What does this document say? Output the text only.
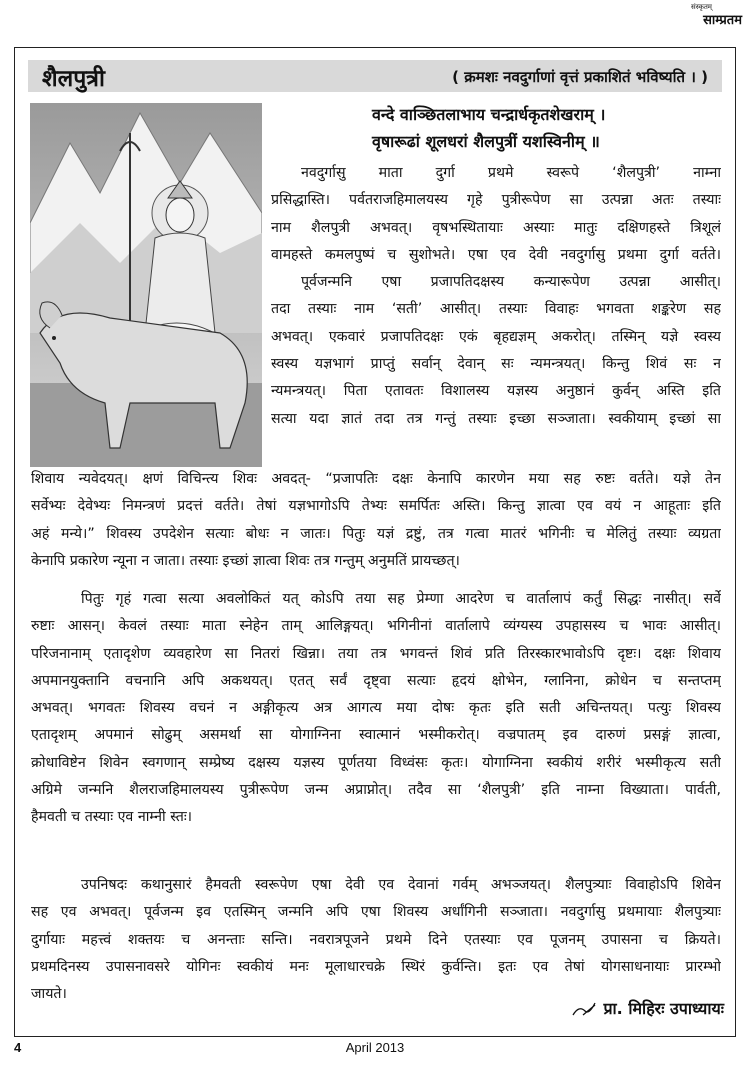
संस्कृतम्
साम्प्रतम
शैलपुत्री	( क्रमशः नवदुर्गाणां वृत्तं प्रकाशितं भविष्यति । )
वन्दे वाञ्छितलाभाय चन्द्रार्धकृतशेखराम् ।
वृषारूढां शूलधरां शैलपुत्रीं यशस्विनीम् ॥
नवदुर्गासु माता दुर्गा प्रथमे स्वरूपे ‘शैलपुत्री’ नाम्ना
प्रसिद्धास्ति। पर्वतराजहिमालयस्य गृहे पुत्रीरूपेण सा उत्पन्ना अतः तस्याः
नाम शैलपुत्री अभवत्। वृषभस्थितायाः अस्याः मातुः दक्षिणहस्ते त्रिशूलं
वामहस्ते कमलपुष्पं च सुशोभते। एषा एव देवी नवदुर्गासु प्रथमा दुर्गा वर्तते।
पूर्वजन्मनि एषा प्रजापतिदक्षस्य कन्यारूपेण उत्पन्ना आसीत्।
तदा तस्याः नाम ‘सती’ आसीत्। तस्याः विवाहः भगवता शङ्करेण सह
अभवत्। एकवारं प्रजापतिदक्षः एकं बृहद्यज्ञम् अकरोत्। तस्मिन् यज्ञे स्वस्य
स्वस्य यज्ञभागं प्राप्तुं सर्वान् देवान् सः न्यमन्त्रयत्। किन्तु शिवं सः न
न्यमन्त्रयत्। पिता एतावतः विशालस्य यज्ञस्य अनुष्ठानं कुर्वन् अस्ति इति
सत्या यदा ज्ञातं तदा तत्र गन्तुं तस्याः इच्छा सञ्जाता। स्वकीयाम् इच्छां सा
शिवाय न्यवेदयत्। क्षणं विचिन्त्य शिवः अवदत्- “प्रजापतिः दक्षः केनापि कारणेन मया सह रुष्टः वर्तते। यज्ञे तेन
सर्वेभ्यः देवेभ्यः निमन्त्रणं प्रदत्तं वर्तते। तेषां यज्ञभागोऽपि तेभ्यः समर्पितः अस्ति। किन्तु ज्ञात्वा एव वयं न आहूताः इति
अहं मन्ये।” शिवस्य उपदेशेन सत्याः बोधः न जातः। पितुः यज्ञं द्रष्टुं, तत्र गत्वा मातरं भगिनीः च मेलितुं तस्याः व्यग्रता
केनापि प्रकारेण न्यूना न जाता। तस्याः इच्छां ज्ञात्वा शिवः तत्र गन्तुम् अनुमतिं प्रायच्छत्।
पितुः गृहं गत्वा सत्या अवलोकितं यत् कोऽपि तया सह प्रेम्णा आदरेण च वार्तालापं कर्तुं सिद्धः नासीत्। सर्वे
रुष्टाः आसन्। केवलं तस्याः माता स्नेहेन ताम् आलिङ्गयत्। भगिनीनां वार्तालापे व्यंग्यस्य उपहासस्य च भावः आसीत्।
परिजनानाम् एतादृशेण व्यवहारेण सा नितरां खिन्ना। तया तत्र भगवन्तं शिवं प्रति तिरस्कारभावोऽपि दृष्टः। दक्षः शिवाय
अपमानयुक्तानि वचनानि अपि अकथयत्। एतत् सर्वं दृष्ट्वा सत्याः हृदयं क्षोभेन, ग्लानिना, क्रोधेन च सन्तप्तम्
अभवत्। भगवतः शिवस्य वचनं न अङ्गीकृत्य अत्र आगत्य मया दोषः कृतः इति सती अचिन्तयत्। पत्युः शिवस्य
एतादृशम् अपमानं सोढुम् असमर्था सा योगाग्निना स्वात्मानं भस्मीकरोत्। वज्रपातम् इव दारुणं प्रसङ्गं ज्ञात्वा,
क्रोधाविष्टेन शिवेन स्वगणान् सम्प्रेष्य दक्षस्य यज्ञस्य पूर्णतया विध्वंसः कृतः। योगाग्निना स्वकीयं शरीरं भस्मीकृत्य सती
अग्रिमे जन्मनि शैलराजहिमालयस्य पुत्रीरूपेण जन्म अप्राप्नोत्। तदैव सा ‘शैलपुत्री’ इति नाम्ना विख्याता। पार्वती,
हैमवती च तस्याः एव नाम्नी स्तः।
उपनिषदः कथानुसारं हैमवती स्वरूपेण एषा देवी एव देवानां गर्वम् अभञ्जयत्। शैलपुत्र्याः विवाहोऽपि शिवेन
सह एव अभवत्। पूर्वजन्म इव एतस्मिन् जन्मनि अपि एषा शिवस्य अर्धांगिनी सञ्जाता। नवदुर्गासु प्रथमायाः शैलपुत्र्याः
दुर्गायाः महत्त्वं शक्तयः च अनन्ताः सन्ति। नवरात्रपूजने प्रथमे दिने एतस्याः एव पूजनम् उपासना च क्रियते।
प्रथमदिनस्य उपासनावसरे योगिनः स्वकीयं मनः मूलाधारचक्रे स्थिरं कुर्वन्ति। इतः एव तेषां योगसाधनायाः प्रारम्भो
जायते।
प्रा. मिहिरः उपाध्यायः
4	April 2013
